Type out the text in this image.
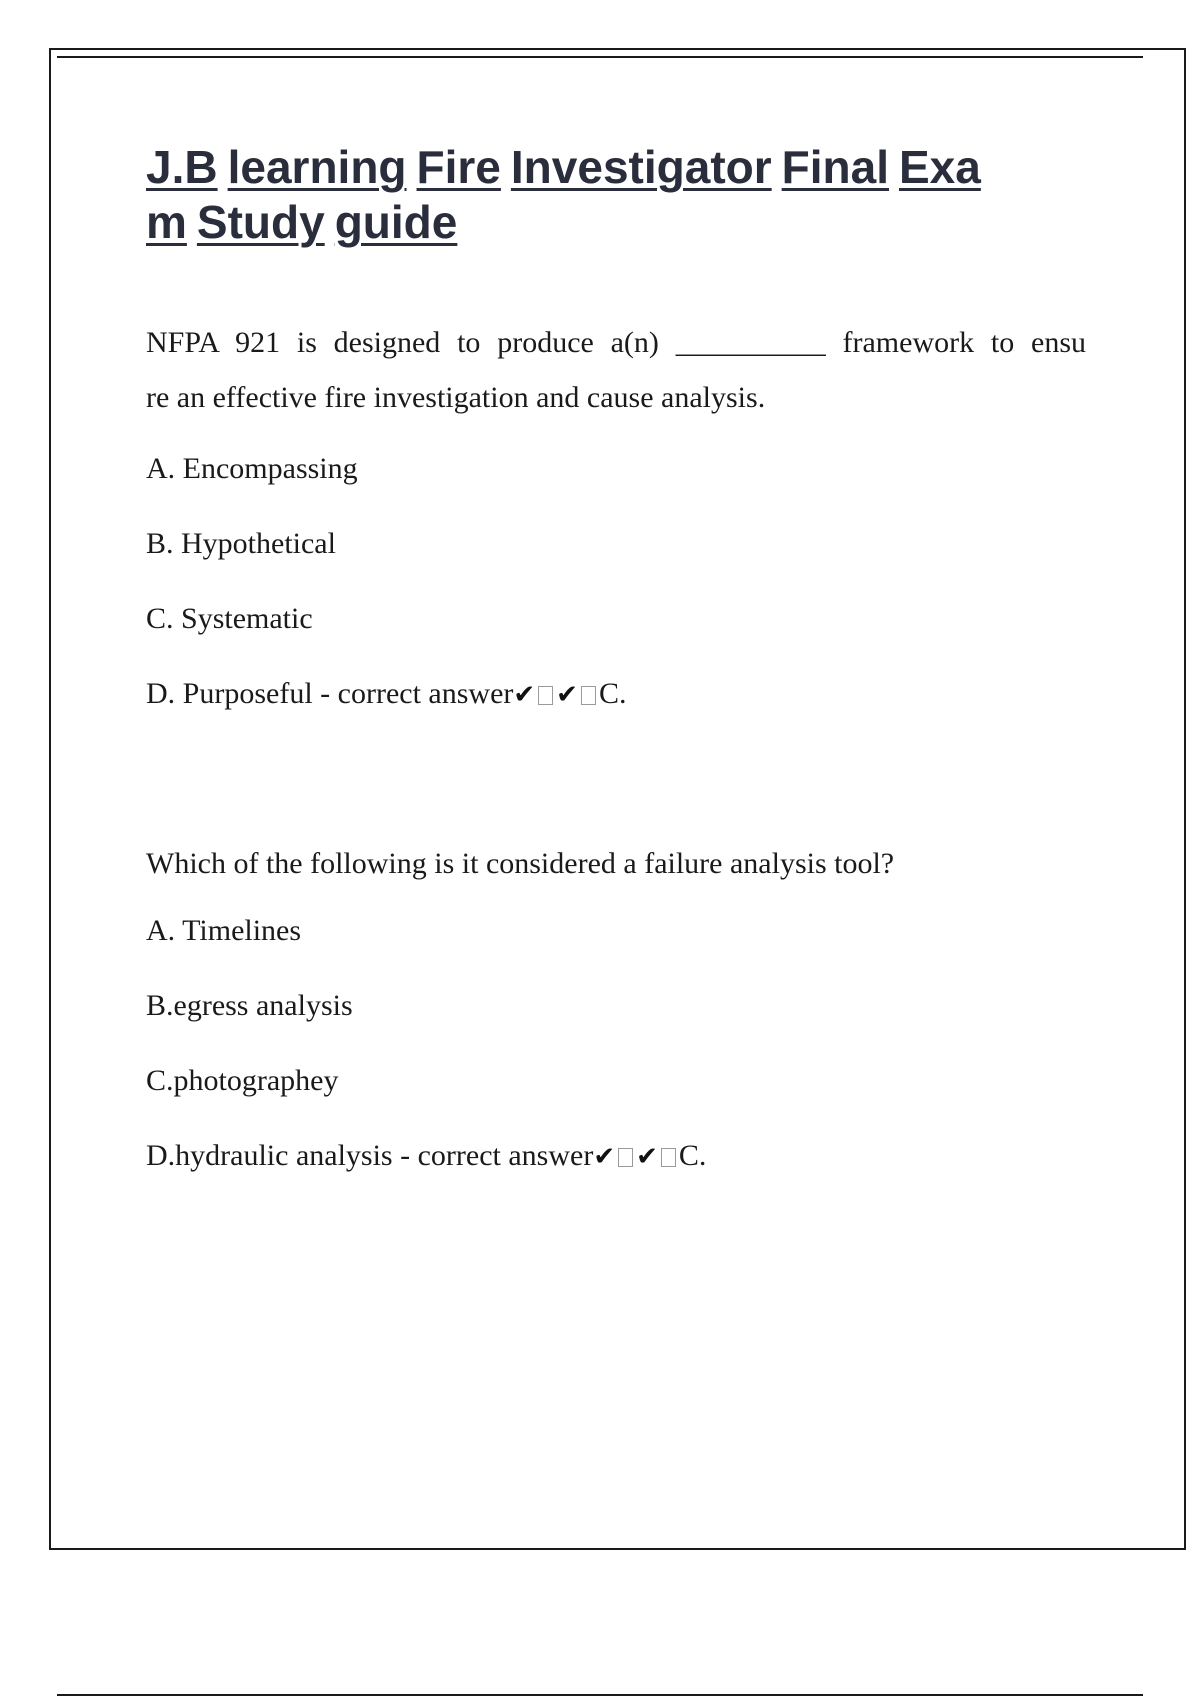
J.B learning Fire Investigator Final Exa
m Study guide

NFPA 921 is designed to produce a(n) __________ framework to ensu
re an effective fire investigation and cause analysis.

A. Encompassing
B. Hypothetical
C. Systematic
D. Purposeful - correct answer✔ ✔ C.

Which of the following is it considered a failure analysis tool?

A. Timelines
B.egress analysis
C.photographey
D.hydraulic analysis - correct answer✔ ✔ C.
